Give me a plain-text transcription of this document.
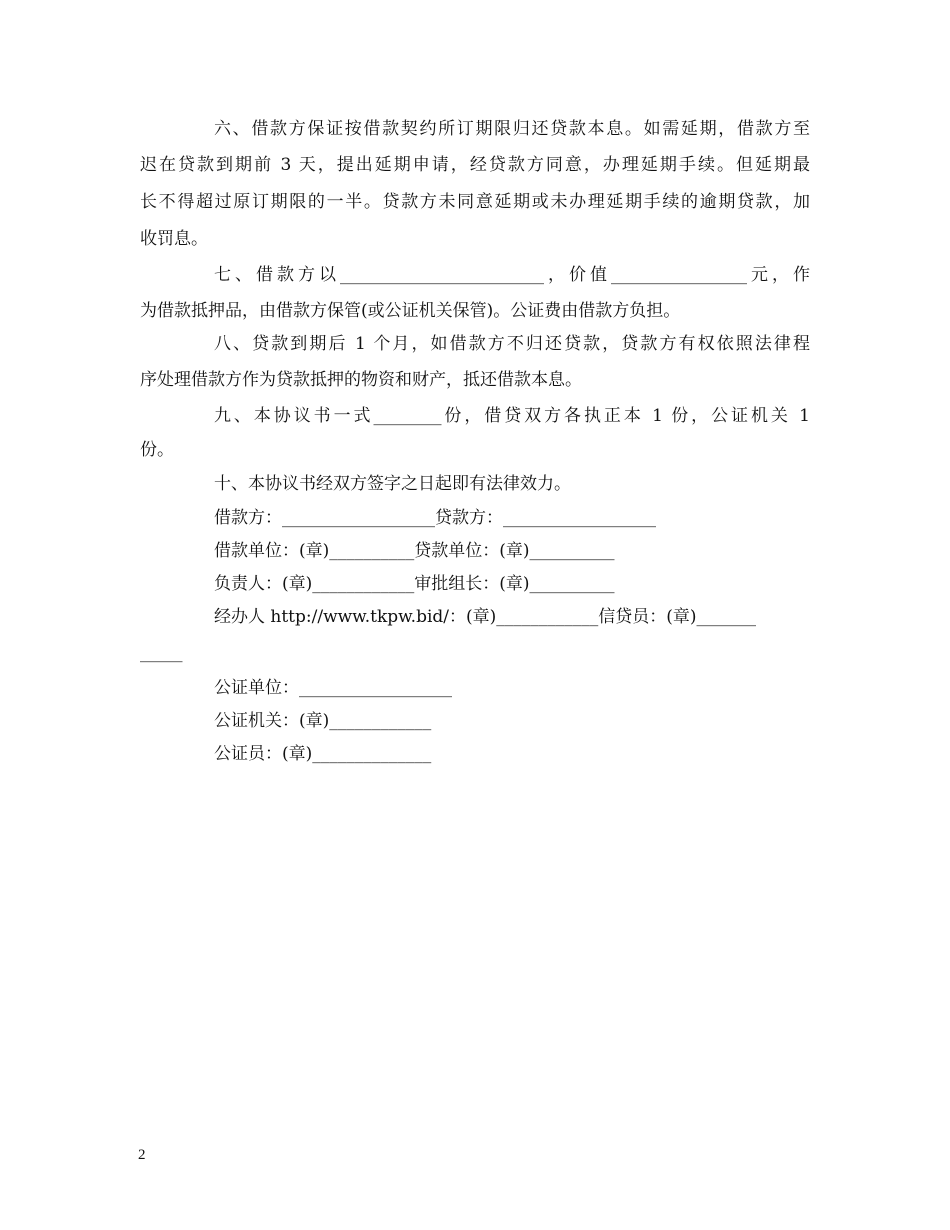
六、借款方保证按借款契约所订期限归还贷款本息。如需延期，借款方至
迟在贷款到期前 3 天，提出延期申请，经贷款方同意，办理延期手续。但延期最
长不得超过原订期限的一半。贷款方未同意延期或未办理延期手续的逾期贷款，加
收罚息。
七、借款方以________________________，价值________________元，作
为借款抵押品，由借款方保管(或公证机关保管)。公证费由借款方负担。
八、贷款到期后 1 个月，如借款方不归还贷款，贷款方有权依照法律程
序处理借款方作为贷款抵押的物资和财产，抵还借款本息。
九、本协议书一式________份，借贷双方各执正本 1 份，公证机关 1
份。
十、本协议书经双方签字之日起即有法律效力。
借款方：__________________贷款方：__________________
借款单位：(章)__________贷款单位：(章)__________
负责人：(章)____________审批组长：(章)__________
经办人 http://www.tkpw.bid/：(章)____________信贷员：(章)_______
_____
公证单位：__________________
公证机关：(章)____________
公证员：(章)______________
2
